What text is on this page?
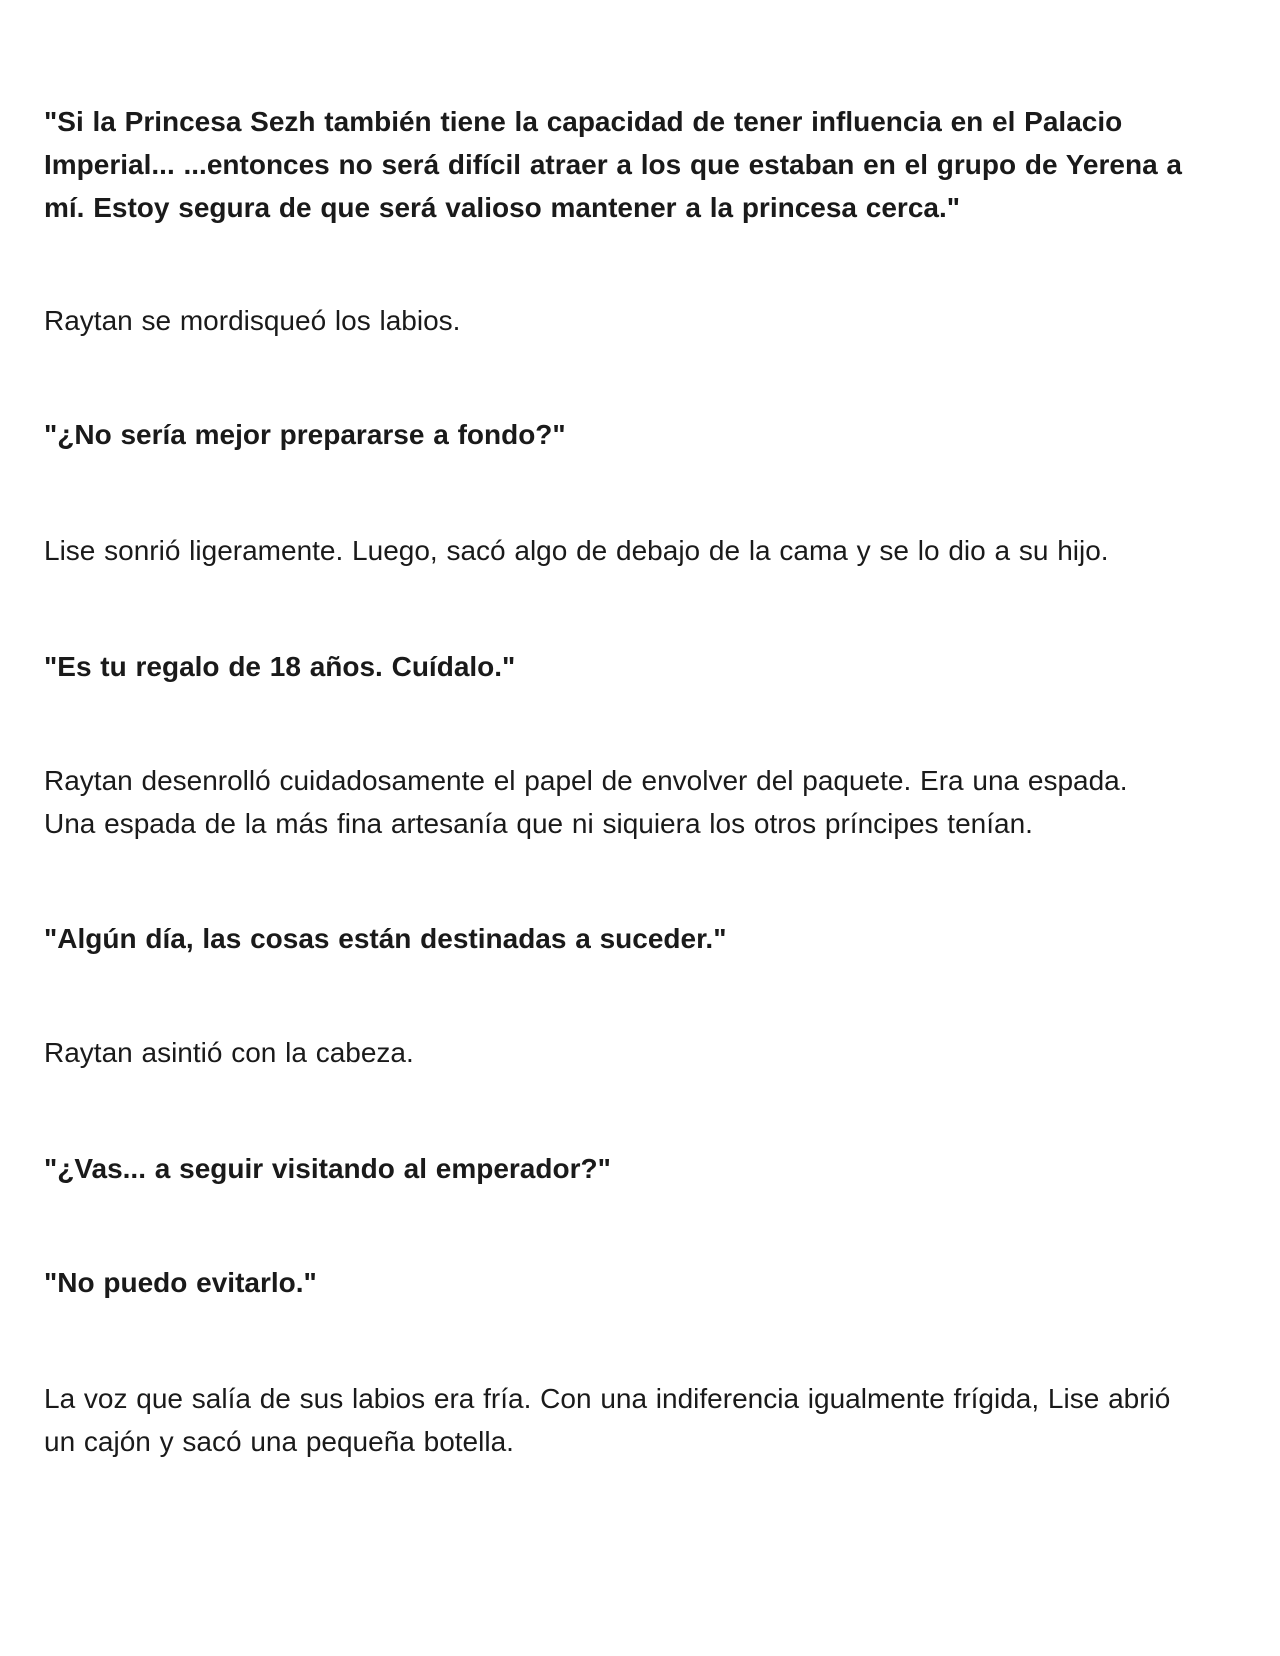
"Si la Princesa Sezh también tiene la capacidad de tener influencia en el Palacio Imperial... ...entonces no será difícil atraer a los que estaban en el grupo de Yerena a mí. Estoy segura de que será valioso mantener a la princesa cerca."

Raytan se mordisqueó los labios.

"¿No sería mejor prepararse a fondo?"

Lise sonrió ligeramente. Luego, sacó algo de debajo de la cama y se lo dio a su hijo.

"Es tu regalo de 18 años. Cuídalo."

Raytan desenrolló cuidadosamente el papel de envolver del paquete. Era una espada. Una espada de la más fina artesanía que ni siquiera los otros príncipes tenían.

"Algún día, las cosas están destinadas a suceder."

Raytan asintió con la cabeza.

"¿Vas... a seguir visitando al emperador?"

"No puedo evitarlo."

La voz que salía de sus labios era fría. Con una indiferencia igualmente frígida, Lise abrió un cajón y sacó una pequeña botella.
